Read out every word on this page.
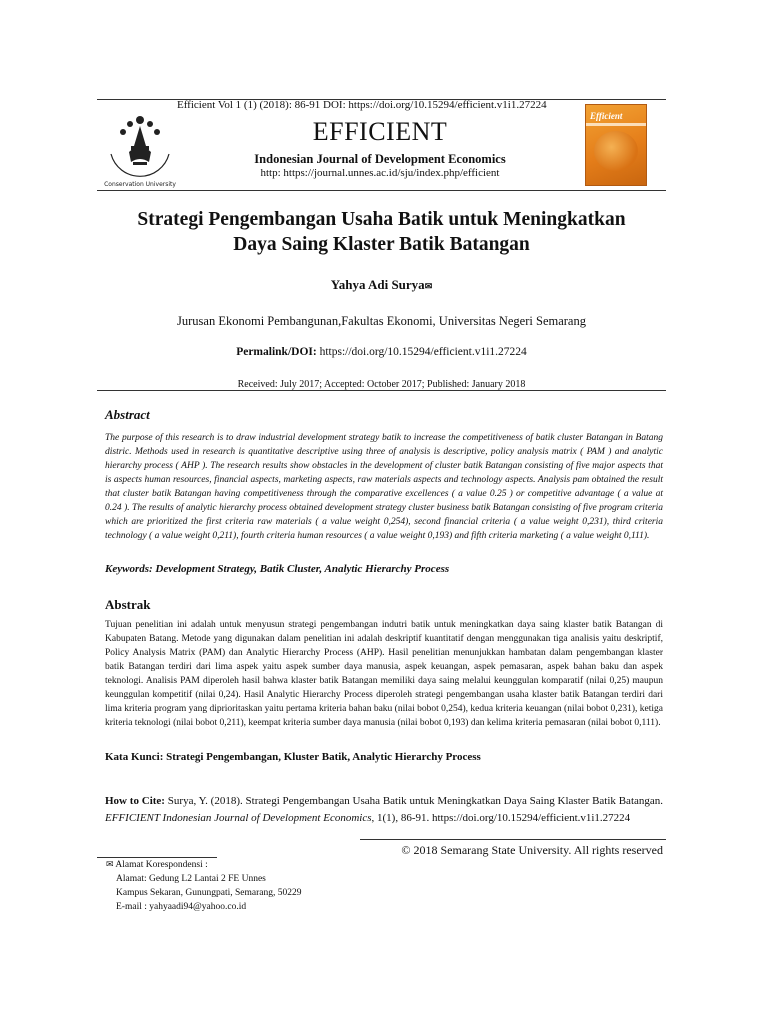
Conservation University
Efficient
Efficient Vol 1 (1) (2018): 86-91 DOI: https://doi.org/10.15294/efficient.v1i1.27224
EFFICIENT
Indonesian Journal of Development Economics
http: https://journal.unnes.ac.id/sju/index.php/efficient
Strategi Pengembangan Usaha Batik untuk Meningkatkan
Daya Saing Klaster Batik Batangan
Yahya Adi Surya✉
Jurusan Ekonomi Pembangunan,Fakultas Ekonomi, Universitas Negeri Semarang
Permalink/DOI: https://doi.org/10.15294/efficient.v1i1.27224
Received: July 2017; Accepted: October 2017; Published: January 2018
Abstract
The purpose of this research is to draw industrial development strategy batik to increase the competitiveness of batik cluster Batangan in Batang distric. Methods used in research is quantitative descriptive using three of analysis is descriptive, policy analysis matrix ( PAM ) and analytic hierarchy process ( AHP ). The research results show obstacles in the development of cluster batik Batangan consisting of five major aspects that is aspects human resources, financial aspects, marketing aspects, raw materials aspects and technology aspects. Analysis pam obtained the result that cluster batik Batangan having competitiveness through the comparative excellences ( a value 0.25 ) or competitive advantage ( a value at 0.24 ). The results of analytic hierarchy process obtained development strategy cluster business batik Batangan consisting of five program criteria which are prioritized the first criteria raw materials ( a value weight 0,254), second financial criteria ( a value weight 0,231), third criteria technology ( a value weight 0,211), fourth criteria human resources ( a value weight 0,193) and fifth criteria marketing ( a value weight 0,111).
Keywords: Development Strategy, Batik Cluster, Analytic Hierarchy Process
Abstrak
Tujuan penelitian ini adalah untuk menyusun strategi pengembangan indutri batik untuk meningkatkan daya saing klaster batik Batangan di Kabupaten Batang. Metode yang digunakan dalam penelitian ini adalah deskriptif kuantitatif dengan menggunakan tiga analisis yaitu deskriptif, Policy Analysis Matrix (PAM) dan Analytic Hierarchy Process (AHP). Hasil penelitian menunjukkan hambatan dalam pengembangan klaster batik Batangan terdiri dari lima aspek yaitu aspek sumber daya manusia, aspek keuangan, aspek pemasaran, aspek bahan baku dan aspek teknologi. Analisis PAM diperoleh hasil bahwa klaster batik Batangan memiliki daya saing melalui keunggulan komparatif (nilai 0,25) maupun keunggulan kompetitif (nilai 0,24). Hasil Analytic Hierarchy Process diperoleh strategi pengembangan usaha klaster batik Batangan terdiri dari lima kriteria program yang diprioritaskan yaitu pertama kriteria bahan baku (nilai bobot 0,254), kedua kriteria keuangan (nilai bobot 0,231), ketiga kriteria teknologi (nilai bobot 0,211), keempat kriteria sumber daya manusia (nilai bobot 0,193) dan kelima kriteria pemasaran (nilai bobot 0,111).
Kata Kunci: Strategi Pengembangan, Kluster Batik, Analytic Hierarchy Process
How to Cite: Surya, Y. (2018). Strategi Pengembangan Usaha Batik untuk Meningkatkan Daya Saing Klaster Batik Batangan. EFFICIENT Indonesian Journal of Development Economics, 1(1), 86-91. https://doi.org/10.15294/efficient.v1i1.27224
© 2018 Semarang State University. All rights reserved
✉ Alamat Korespondensi :
Alamat: Gedung L2 Lantai 2 FE Unnes
Kampus Sekaran, Gunungpati, Semarang, 50229
E-mail : yahyaadi94@yahoo.co.id
